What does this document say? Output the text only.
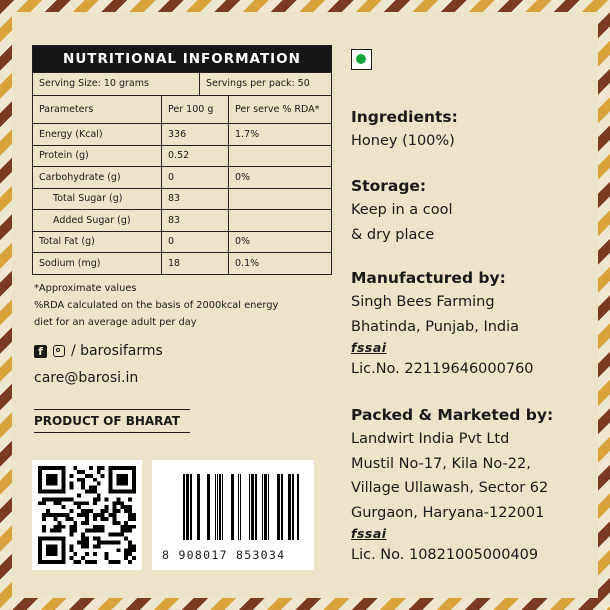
NUTRITIONAL INFORMATION
Serving Size: 10 grams	Servings per pack: 50
Parameters	Per 100 g	Per serve % RDA*
Energy (Kcal)	336	1.7%
Protein (g)	0.52	
Carbohydrate (g)	0	0%
Total Sugar (g)	83	
Added Sugar (g)	83	
Total Fat (g)	0	0%
Sodium (mg)	18	0.1%
*Approximate values
%RDA calculated on the basis of 2000kcal energy
diet for an average adult per day
f / barosifarms
care@barosi.in
PRODUCT OF BHARAT
8 908017 853034
Ingredients:
Honey (100%)
Storage:
Keep in a cool
& dry place
Manufactured by:
Singh Bees Farming
Bhatinda, Punjab, India
fssai
Lic.No. 22119646000760
Packed & Marketed by:
Landwirt India Pvt Ltd
Mustil No-17, Kila No-22,
Village Ullawash, Sector 62
Gurgaon, Haryana-122001
fssai
Lic. No. 10821005000409
